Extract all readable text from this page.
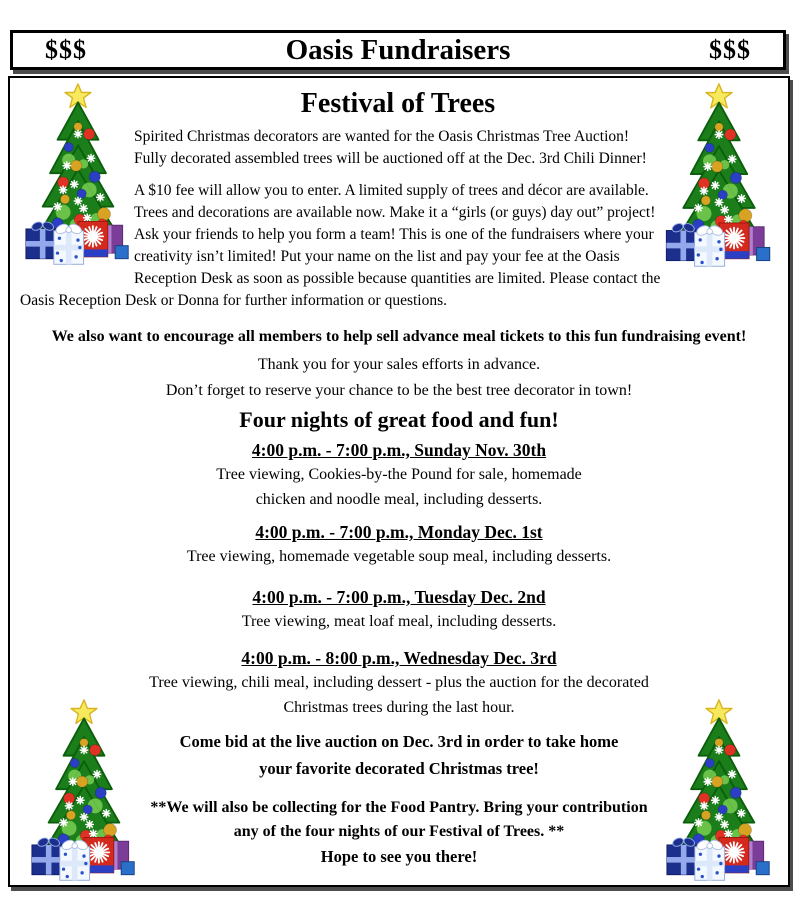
$$$	Oasis Fundraisers	$$$
Festival of Trees

Spirited Christmas decorators are wanted for the Oasis Christmas Tree Auction! Fully decorated assembled trees will be auctioned off at the Dec. 3rd Chili Dinner!

A $10 fee will allow you to enter. A limited supply of trees and décor are available. Trees and decorations are available now. Make it a “girls (or guys) day out” project! Ask your friends to help you form a team! This is one of the fundraisers where your creativity isn’t limited! Put your name on the list and pay your fee at the Oasis Reception Desk as soon as possible because quantities are limited. Please contact the Oasis Reception Desk or Donna for further information or questions.

We also want to encourage all members to help sell advance meal tickets to this fun fundraising event!

Thank you for your sales efforts in advance.

Don’t forget to reserve your chance to be the best tree decorator in town!

Four nights of great food and fun!
4:00 p.m. - 7:00 p.m., Sunday Nov. 30th
Tree viewing, Cookies-by-the Pound for sale, homemade
chicken and noodle meal, including desserts.
4:00 p.m. - 7:00 p.m., Monday Dec. 1st
Tree viewing, homemade vegetable soup meal, including desserts.
4:00 p.m. - 7:00 p.m., Tuesday Dec. 2nd
Tree viewing, meat loaf meal, including desserts.
4:00 p.m. - 8:00 p.m., Wednesday Dec. 3rd
Tree viewing, chili meal, including dessert - plus the auction for the decorated
Christmas trees during the last hour.

Come bid at the live auction on Dec. 3rd in order to take home
your favorite decorated Christmas tree!

**We will also be collecting for the Food Pantry. Bring your contribution
any of the four nights of our Festival of Trees. **

Hope to see you there!
